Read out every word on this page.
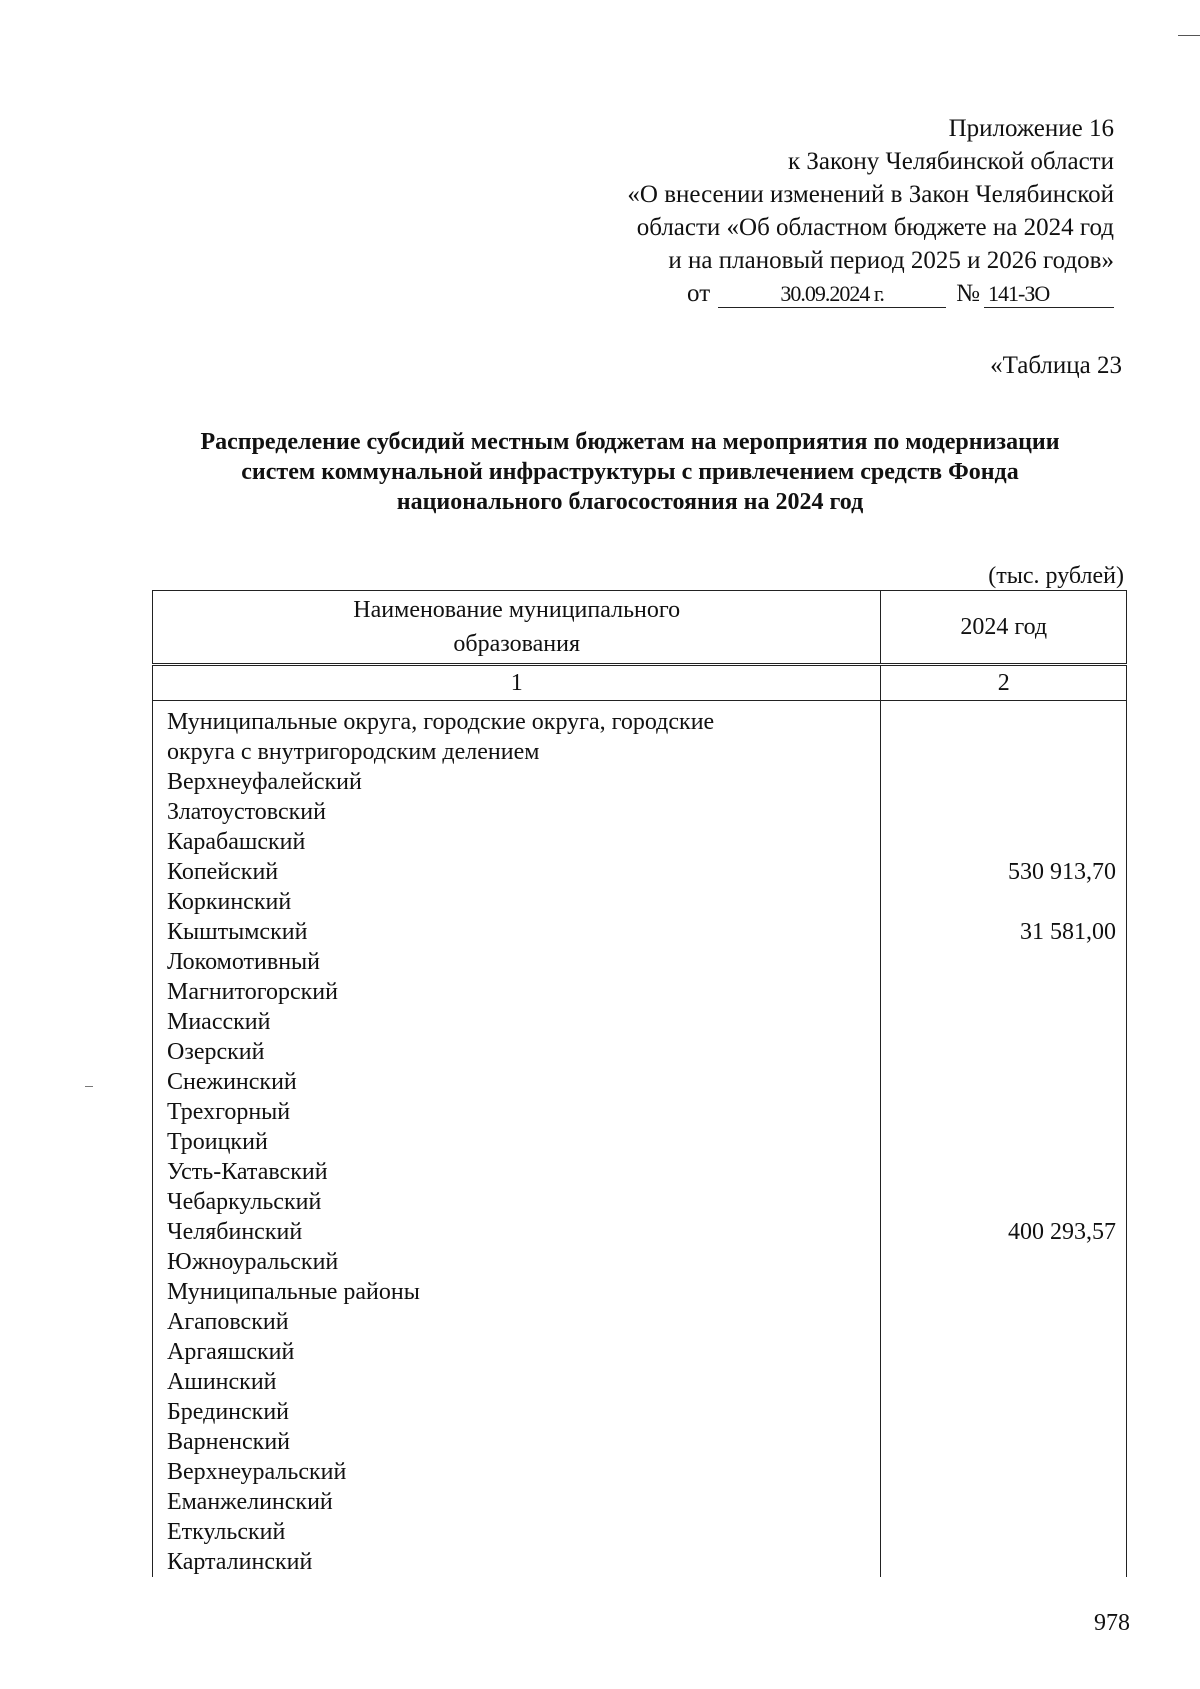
Приложение 16
к Закону Челябинской области
«О внесении изменений в Закон Челябинской
области «Об областном бюджете на 2024 год
и на плановый период 2025 и 2026 годов»
от	30.09.2024 г.	№ 141-ЗО
«Таблица 23
Распределение субсидий местным бюджетам на мероприятия по модернизации
систем коммунальной инфраструктуры с привлечением средств Фонда
национального благосостояния на 2024 год
(тыс. рублей)
Наименование муниципального
образования	2024 год
1	2
Муниципальные округа, городские округа, городские	
округа с внутригородским делением	
Верхнеуфалейский	
Златоустовский	
Карабашский	
Копейский	530 913,70
Коркинский	
Кыштымский	31 581,00
Локомотивный	
Магнитогорский	
Миасский	
Озерский	
Снежинский	
Трехгорный	
Троицкий	
Усть-Катавский	
Чебаркульский	
Челябинский	400 293,57
Южноуральский	
Муниципальные районы	
Агаповский	
Аргаяшский	
Ашинский	
Брединский	
Варненский	
Верхнеуральский	
Еманжелинский	
Еткульский	
Карталинский	
978
